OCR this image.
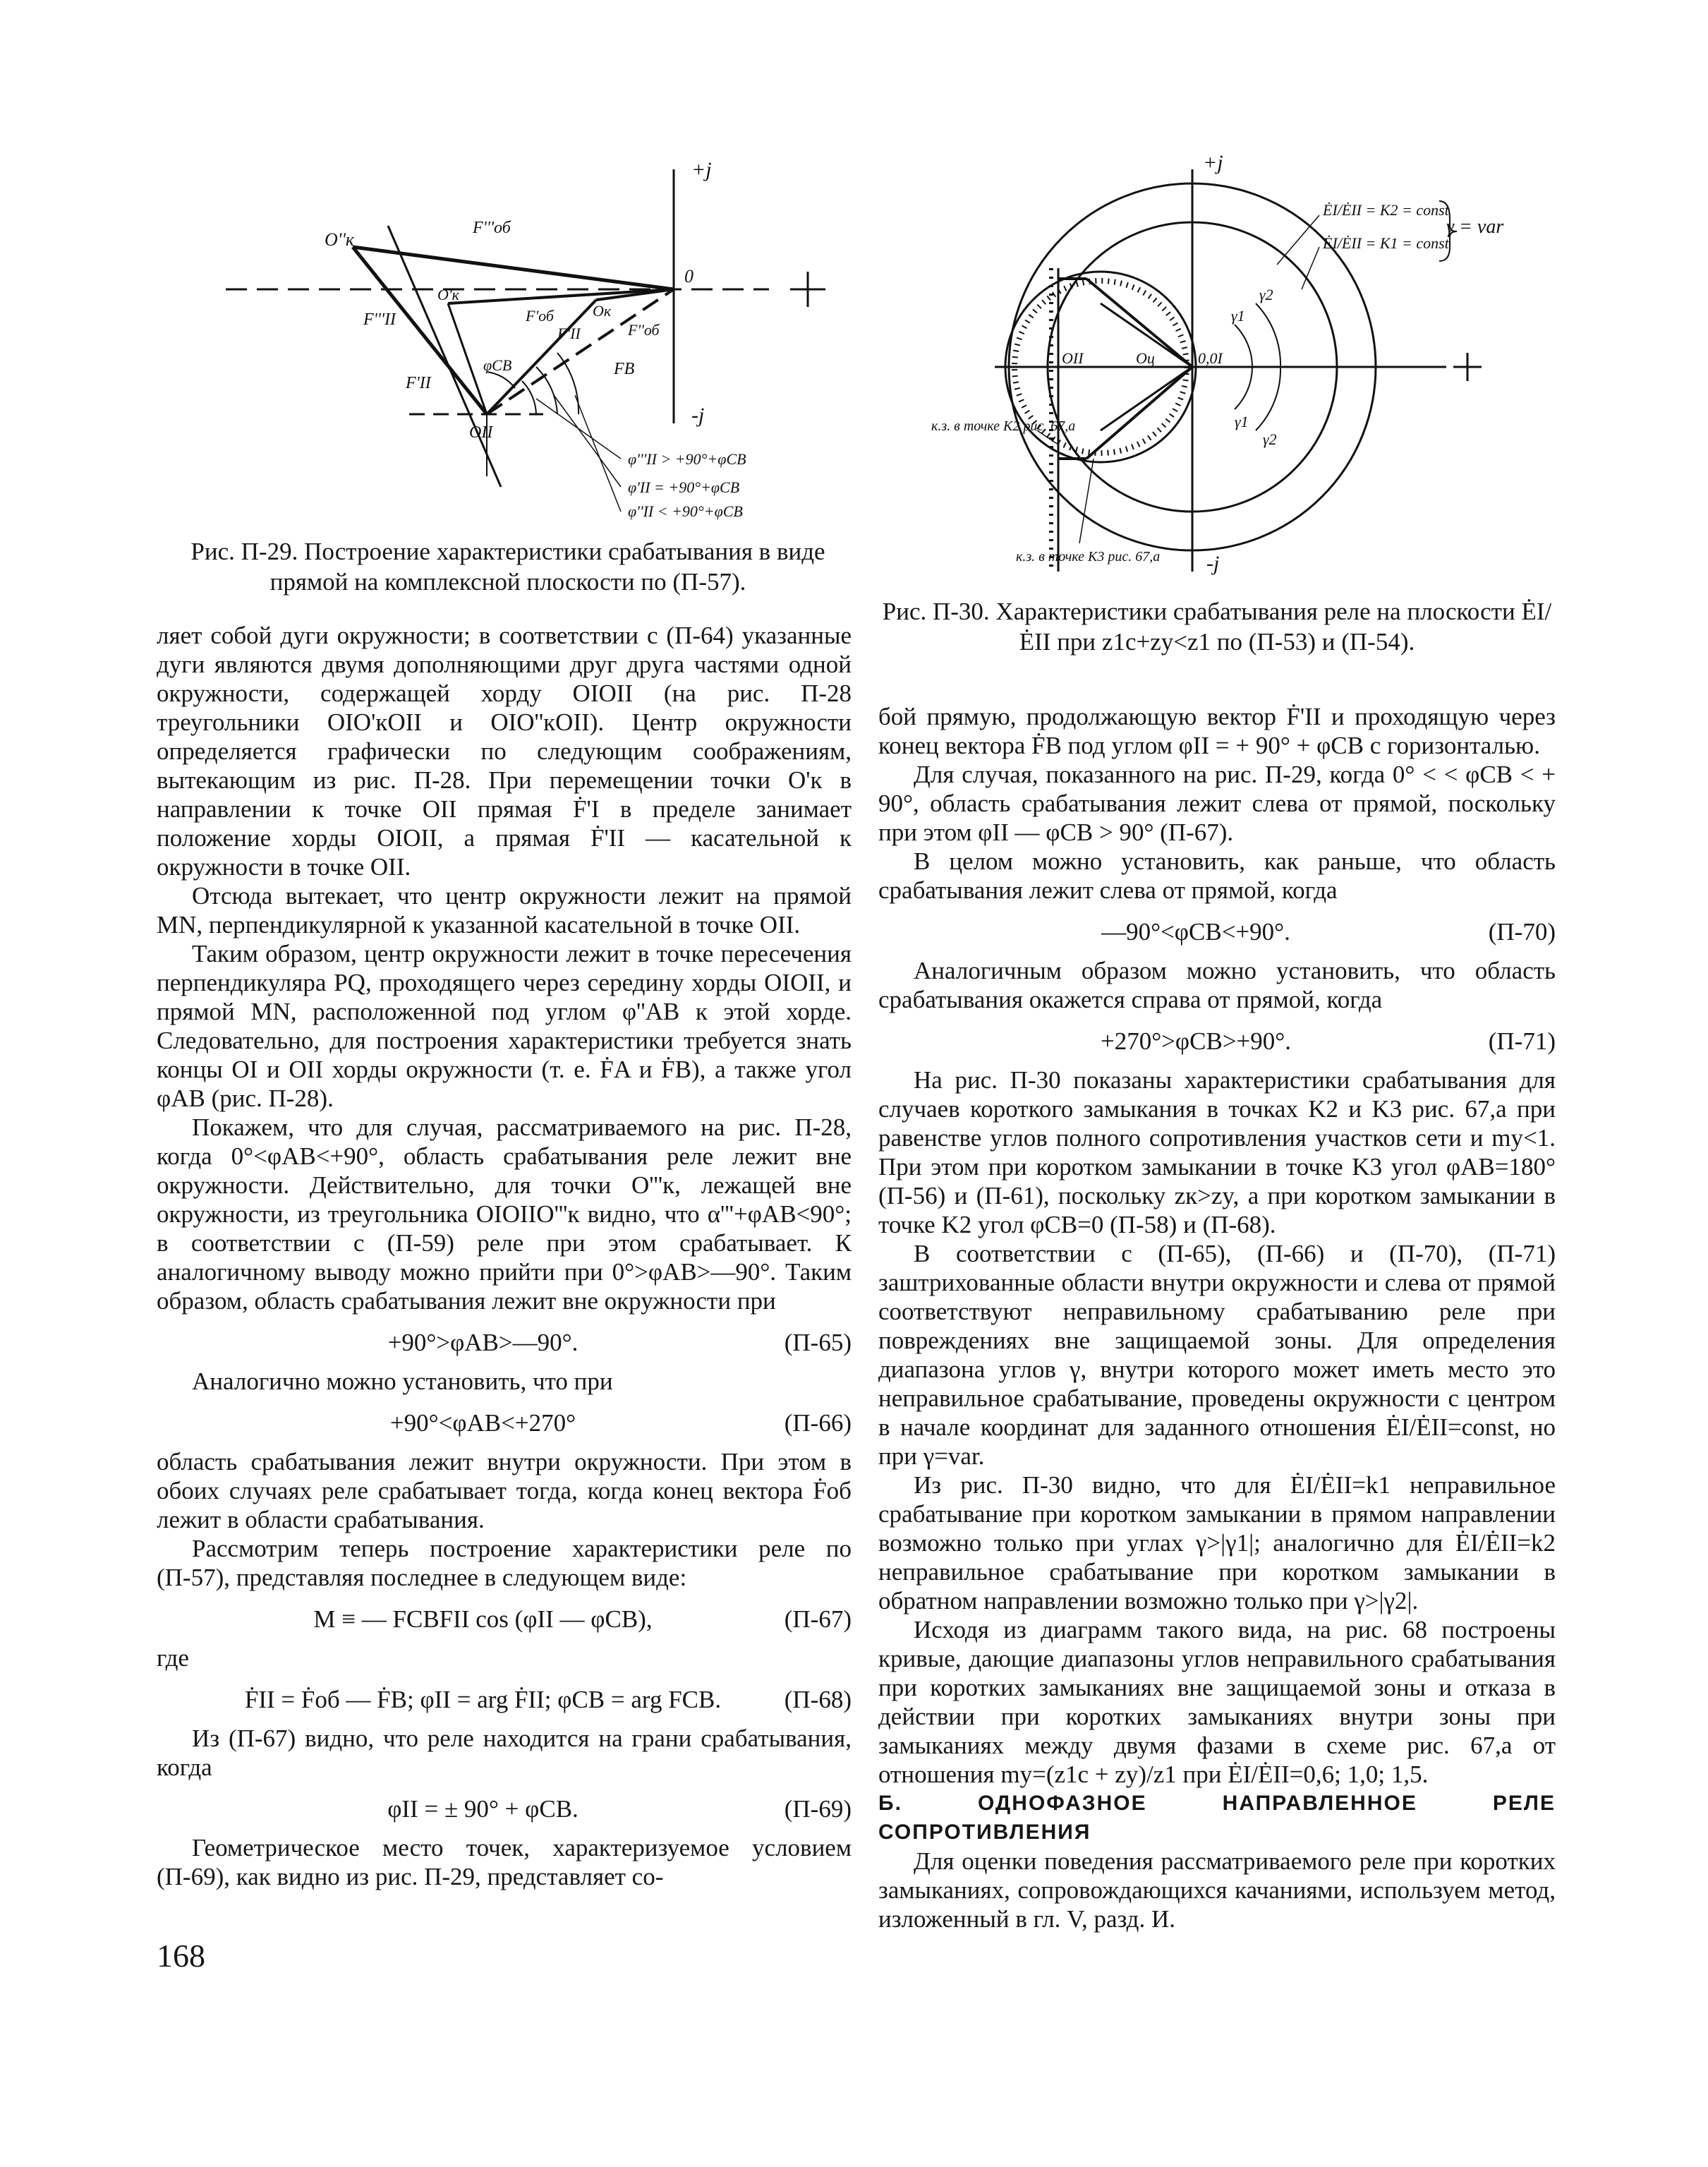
+j
-j
0
O''к
O'к
Oк
OII
F'''об
F'об
F''об
FB
F'''II
F'II
F'II
φCB
φ'''II > +90°+φCB
φ'II = +90°+φCB
φ''II < +90°+φCB
Рис. П-29. Построение характеристики срабатывания в виде прямой на комплексной плоскости по (П-57).
+j
-j
ĖI/ĖII = K2 = const
ĖI/ĖII = K1 = const
γ = var
γ1
γ2
γ1
γ2
OII	Oц	0,0I
к.з. в точке K2 рис. 67,а
к.з. в точке K3 рис. 67,а
Рис. П-30. Характеристики срабатывания реле на плоскости ĖI/ĖII при z1c+zy<z1 по (П-53) и (П-54).

ляет собой дуги окружности; в соответствии с (П-64) указанные дуги являются двумя дополняющими друг друга частями одной окружности, содержащей хорду OIOII (на рис. П-28 треугольники OIO'кOII и OIO''кOII). Центр окружности определяется графически по следующим соображениям, вытекающим из рис. П-28. При перемещении точки O'к в направлении к точке OII прямая Ḟ'I в пределе занимает положение хорды OIOII, а прямая Ḟ'II — касательной к окружности в точке OII.

Отсюда вытекает, что центр окружности лежит на прямой MN, перпендикулярной к указанной касательной в точке OII.

Таким образом, центр окружности лежит в точке пересечения перпендикуляра PQ, проходящего через середину хорды OIOII, и прямой MN, расположенной под углом φ''AB к этой хорде. Следовательно, для построения характеристики требуется знать концы OI и OII хорды окружности (т. е. ḞA и ḞB), а также угол φAB (рис. П-28).

Покажем, что для случая, рассматриваемого на рис. П-28, когда 0°<φAB<+90°, область срабатывания реле лежит вне окружности. Действительно, для точки O'''к, лежащей вне окружности, из треугольника OIOIIO'''к видно, что α'''+φAB<90°; в соответствии с (П-59) реле при этом срабатывает. К аналогичному выводу можно прийти при 0°>φAB>—90°. Таким образом, область срабатывания лежит вне окружности при

+90°>φAB>—90°.	(П-65)

Аналогично можно установить, что при

+90°<φAB<+270°	(П-66)

область срабатывания лежит внутри окружности. При этом в обоих случаях реле срабатывает тогда, когда конец вектора Ḟоб лежит в области срабатывания.

Рассмотрим теперь построение характеристики реле по (П-57), представляя последнее в следующем виде:

M ≡ — FCBFII cos (φII — φCB),	(П-67)

где

ḞII = Ḟоб — ḞB; φII = arg ḞII; φCB = arg FCB.	(П-68)

Из (П-67) видно, что реле находится на грани срабатывания, когда

φII = ± 90° + φCB.	(П-69)

Геометрическое место точек, характеризуемое условием (П-69), как видно из рис. П-29, представляет со-

бой прямую, продолжающую вектор Ḟ'II и проходящую через конец вектора ḞB под углом φII = + 90° + φCB с горизонталью.

Для случая, показанного на рис. П-29, когда 0° < < φCB < + 90°, область срабатывания лежит слева от прямой, поскольку при этом φII — φCB > 90° (П-67).

В целом можно установить, как раньше, что область срабатывания лежит слева от прямой, когда

—90°<φCB<+90°.	(П-70)

Аналогичным образом можно установить, что область срабатывания окажется справа от прямой, когда

+270°>φCB>+90°.	(П-71)

На рис. П-30 показаны характеристики срабатывания для случаев короткого замыкания в точках K2 и K3 рис. 67,а при равенстве углов полного сопротивления участков сети и my<1. При этом при коротком замыкании в точке K3 угол φAB=180° (П-56) и (П-61), поскольку zк>zy, а при коротком замыкании в точке K2 угол φCB=0 (П-58) и (П-68).

В соответствии с (П-65), (П-66) и (П-70), (П-71) заштрихованные области внутри окружности и слева от прямой соответствуют неправильному срабатыванию реле при повреждениях вне защищаемой зоны. Для определения диапазона углов γ, внутри которого может иметь место это неправильное срабатывание, проведены окружности с центром в начале координат для заданного отношения ĖI/ĖII=const, но при γ=var.

Из рис. П-30 видно, что для ĖI/ĖII=k1 неправильное срабатывание при коротком замыкании в прямом направлении возможно только при углах γ>|γ1|; аналогично для ĖI/ĖII=k2 неправильное срабатывание при коротком замыкании в обратном направлении возможно только при γ>|γ2|.

Исходя из диаграмм такого вида, на рис. 68 построены кривые, дающие диапазоны углов неправильного срабатывания при коротких замыканиях вне защищаемой зоны и отказа в действии при коротких замыканиях внутри зоны при замыканиях между двумя фазами в схеме рис. 67,а от отношения my=(z1c + zy)/z1 при ĖI/ĖII=0,6; 1,0; 1,5.

Б. ОДНОФАЗНОЕ НАПРАВЛЕННОЕ РЕЛЕ СОПРОТИВЛЕНИЯ

Для оценки поведения рассматриваемого реле при коротких замыканиях, сопровождающихся качаниями, используем метод, изложенный в гл. V, разд. И.

168
